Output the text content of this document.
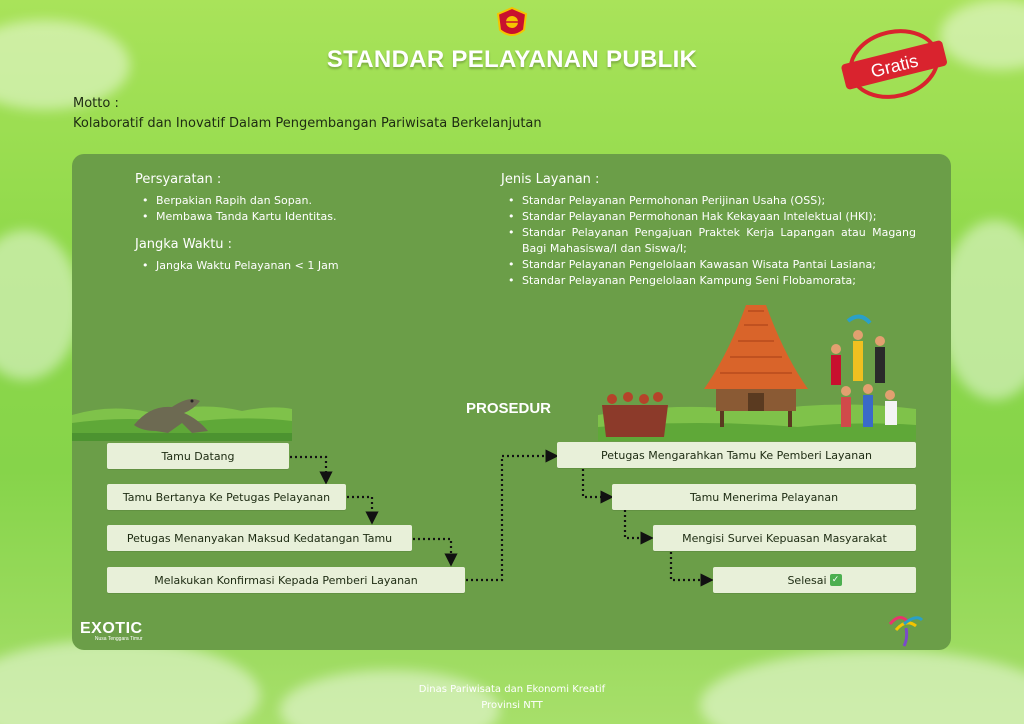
STANDAR PELAYANAN PUBLIK	Gratis
Motto :
Kolaboratif dan Inovatif Dalam Pengembangan Pariwisata Berkelanjutan
Persyaratan :
• Berpakian Rapih dan Sopan.
• Membawa Tanda Kartu Identitas.
Jangka Waktu :
• Jangka Waktu Pelayanan < 1 Jam
Jenis Layanan :
• Standar Pelayanan Permohonan Perijinan Usaha (OSS);
• Standar Pelayanan Permohonan Hak Kekayaan Intelektual (HKI);
• Standar Pelayanan Pengajuan Praktek Kerja Lapangan atau Magang Bagi Mahasiswa/I dan Siswa/I;
• Standar Pelayanan Pengelolaan Kawasan Wisata Pantai Lasiana;
• Standar Pelayanan Pengelolaan Kampung Seni Flobamorata;
PROSEDUR
Tamu Datang
Tamu Bertanya Ke Petugas Pelayanan
Petugas Menanyakan Maksud Kedatangan Tamu
Melakukan Konfirmasi Kepada Pemberi Layanan
Petugas Mengarahkan Tamu Ke Pemberi Layanan
Tamu Menerima Pelayanan
Mengisi Survei Kepuasan Masyarakat
Selesai ✓
EXOTIC
Nusa Tenggara Timur
Dinas Pariwisata dan Ekonomi Kreatif
Provinsi NTT
